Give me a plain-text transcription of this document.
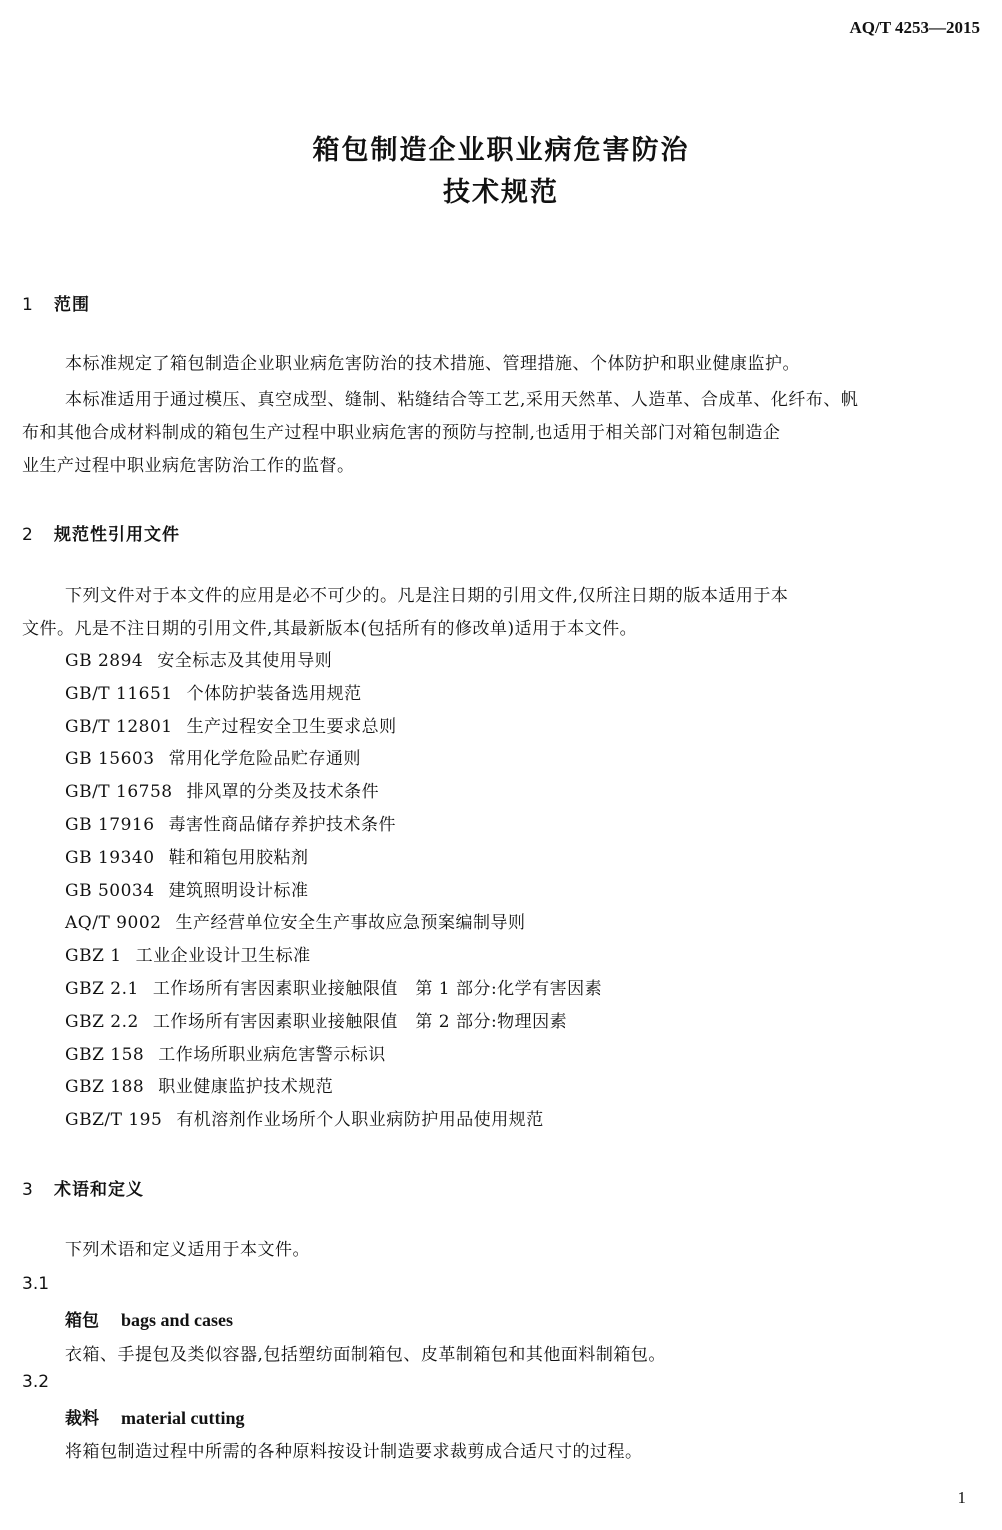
AQ/T 4253—2015
箱包制造企业职业病危害防治
技术规范
1 范围
本标准规定了箱包制造企业职业病危害防治的技术措施、管理措施、个体防护和职业健康监护。
本标准适用于通过模压、真空成型、缝制、粘缝结合等工艺,采用天然革、人造革、合成革、化纤布、帆
布和其他合成材料制成的箱包生产过程中职业病危害的预防与控制,也适用于相关部门对箱包制造企
业生产过程中职业病危害防治工作的监督。
2 规范性引用文件
下列文件对于本文件的应用是必不可少的。凡是注日期的引用文件,仅所注日期的版本适用于本
文件。凡是不注日期的引用文件,其最新版本(包括所有的修改单)适用于本文件。
GB 2894 安全标志及其使用导则
GB/T 11651 个体防护装备选用规范
GB/T 12801 生产过程安全卫生要求总则
GB 15603 常用化学危险品贮存通则
GB/T 16758 排风罩的分类及技术条件
GB 17916 毒害性商品储存养护技术条件
GB 19340 鞋和箱包用胶粘剂
GB 50034 建筑照明设计标准
AQ/T 9002 生产经营单位安全生产事故应急预案编制导则
GBZ 1 工业企业设计卫生标准
GBZ 2.1 工作场所有害因素职业接触限值　第 1 部分:化学有害因素
GBZ 2.2 工作场所有害因素职业接触限值　第 2 部分:物理因素
GBZ 158 工作场所职业病危害警示标识
GBZ 188 职业健康监护技术规范
GBZ/T 195 有机溶剂作业场所个人职业病防护用品使用规范
3 术语和定义
下列术语和定义适用于本文件。
3.1
箱包 bags and cases
衣箱、手提包及类似容器,包括塑纺面制箱包、皮革制箱包和其他面料制箱包。
3.2
裁料 material cutting
将箱包制造过程中所需的各种原料按设计制造要求裁剪成合适尺寸的过程。
1
